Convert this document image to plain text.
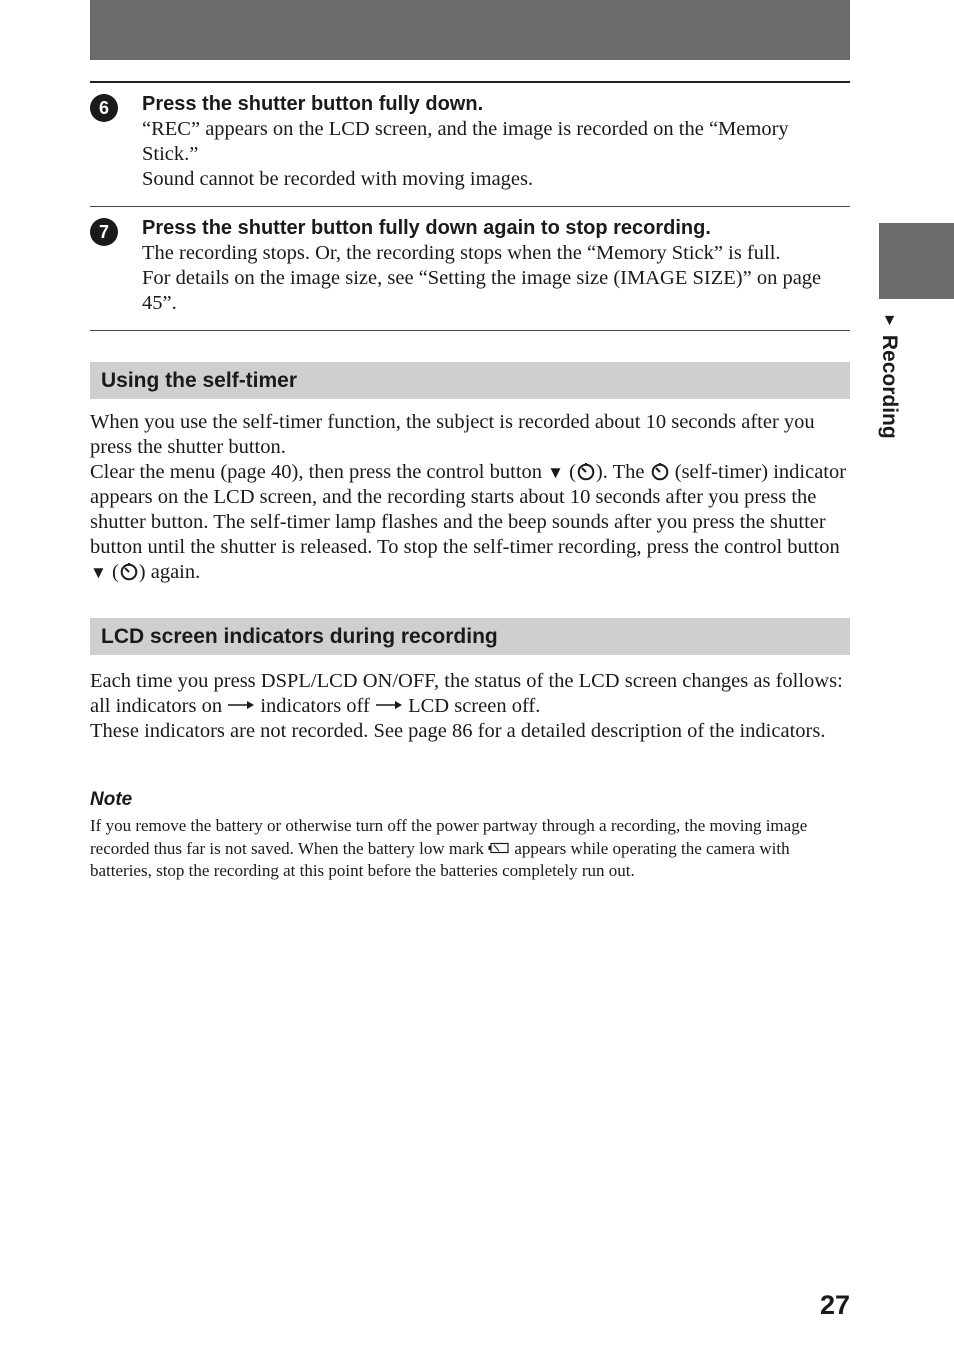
6	Press the shutter button fully down.

“REC” appears on the LCD screen, and the image is recorded on the “Memory Stick.”

Sound cannot be recorded with moving images.

7	Press the shutter button fully down again to stop recording.

The recording stops. Or, the recording stops when the “Memory Stick” is full.

For details on the image size, see “Setting the image size (IMAGE SIZE)” on page 45”.

Using the self-timer

When you use the self-timer function, the subject is recorded about 10 seconds after you press the shutter button.

Clear the menu (page 40), then press the control button ▼ ( ). The (self-timer) indicator appears on the LCD screen, and the recording starts about 10 seconds after you press the shutter button. The self-timer lamp flashes and the beep sounds after you press the shutter button until the shutter is released. To stop the self-timer recording, press the control button ▼ ( ) again.

LCD screen indicators during recording

Each time you press DSPL/LCD ON/OFF, the status of the LCD screen changes as follows: all indicators on indicators off LCD screen off.

These indicators are not recorded. See page 86 for a detailed description of the indicators.

Note
If you remove the battery or otherwise turn off the power partway through a recording, the moving image recorded thus far is not saved. When the battery low mark appears while operating the camera with batteries, stop the recording at this point before the batteries completely run out.
▼ Recording
27
